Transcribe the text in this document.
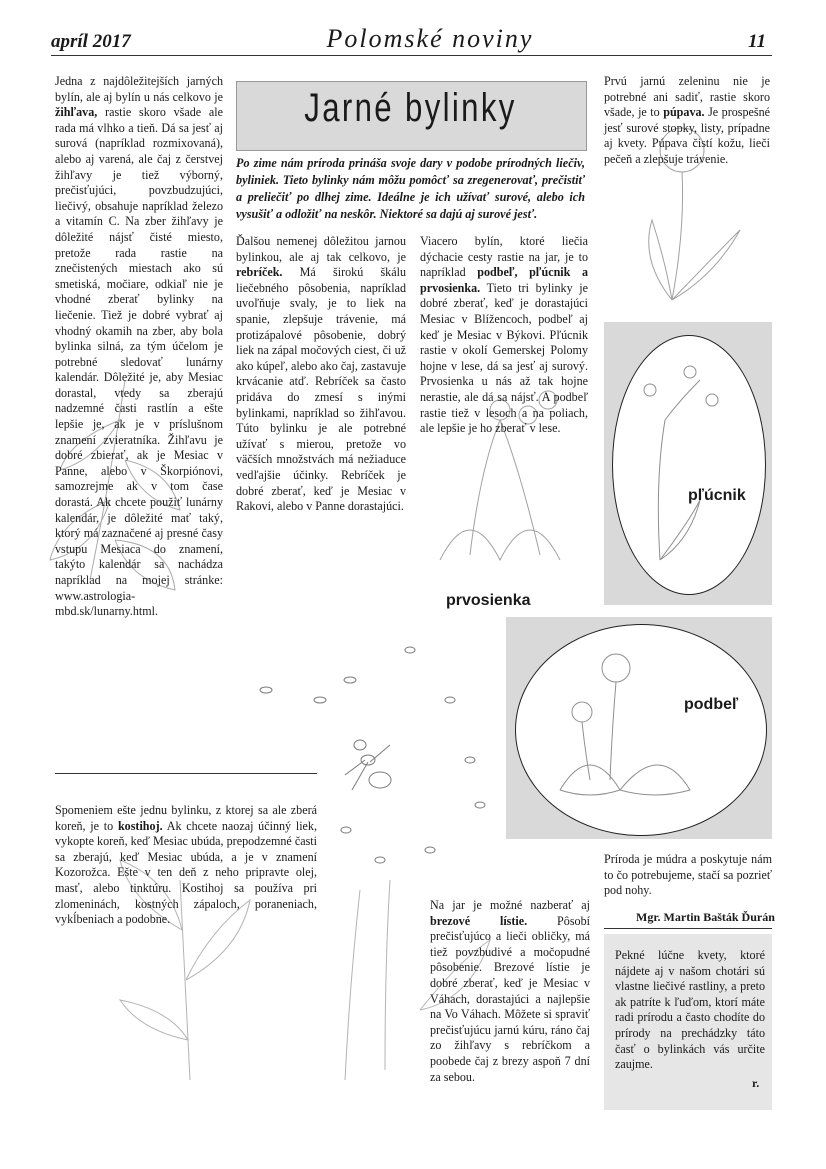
apríl 2017	Polomské noviny	11
Jedna z najdôležitejších jarných bylín, ale aj bylín u nás celkovo je žihľava, rastie skoro všade ale rada má vlhko a tieň. Dá sa jesť aj surová (napríklad rozmixovaná), alebo aj varená, ale čaj z čerstvej žihľavy je tiež výborný, prečisťujúci, povzbudzujúci, liečivý, obsahuje napríklad železo a vitamín C. Na zber žihľavy je dôležité nájsť čisté miesto, pretože rada rastie na znečistených miestach ako sú smetiská, močiare, odkiaľ nie je vhodné zberať bylinky na liečenie. Tiež je dobré vybrať aj vhodný okamih na zber, aby bola bylinka silná, za tým účelom je potrebné sledovať lunárny kalendár. Dôležité je, aby Mesiac dorastal, vtedy sa zberajú nadzemné časti rastlín a ešte lepšie je, ak je v príslušnom znamení zvieratníka. Žihľavu je dobré zbierať, ak je Mesiac v Panne, alebo v Škorpiónovi, samozrejme ak v tom čase dorastá. Ak chcete použiť lunárny kalendár, je dôležité mať taký, ktorý má zaznačené aj presné časy vstupu Mesiaca do znamení, takýto kalendár sa nachádza napríklad na mojej stránke: www.astrologia-mbd.sk/lunarny.html.
Jarné bylinky
Po zime nám príroda prináša svoje dary v podobe prírodných liečiv, byliniek. Tieto bylinky nám môžu pomôcť sa zregenerovať, prečistiť a preliečiť po dlhej zime. Ideálne je ich užívať surové, alebo ich vysušiť a odložiť na neskôr. Niektoré sa dajú aj surové jesť.
Ďalšou nemenej dôležitou jarnou bylinkou, ale aj tak celkovo, je rebríček. Má širokú škálu liečebného pôsobenia, napríklad uvoľňuje svaly, je to liek na spanie, zlepšuje trávenie, má protizápalové pôsobenie, dobrý liek na zápal močových ciest, či už ako kúpeľ, alebo ako čaj, zastavuje krvácanie atď. Rebríček sa často pridáva do zmesí s inými bylinkami, napríklad so žihľavou. Túto bylinku je ale potrebné užívať s mierou, pretože vo väčších množstvách má nežiaduce vedľajšie účinky. Rebríček je dobré zberať, keď je Mesiac v Rakovi, alebo v Panne dorastajúci.
Viacero bylín, ktoré liečia dýchacie cesty rastie na jar, je to napríklad podbeľ, pľúcnik a prvosienka. Tieto tri bylinky je dobré zberať, keď je dorastajúci Mesiac v Blížencoch, podbeľ aj keď je Mesiac v Býkovi. Pľúcnik rastie v okolí Gemerskej Polomy hojne v lese, dá sa jesť aj surový. Prvosienka u nás až tak hojne nerastie, ale dá sa nájsť. A podbeľ rastie tiež v lesoch a na poliach, ale lepšie je ho zberať v lese.
prvosienka
Prvú jarnú zeleninu nie je potrebné ani sadiť, rastie skoro všade, je to púpava. Je prospešné jesť surové stopky, listy, prípadne aj kvety. Púpava čistí kožu, lieči pečeň a zlepšuje trávenie.
pľúcnik
podbeľ
Príroda je múdra a poskytuje nám to čo potrebujeme, stačí sa pozrieť pod nohy.
Mgr. Martin Bašták Ďurán
Pekné lúčne kvety, ktoré nájdete aj v našom chotári sú vlastne liečivé rastliny, a preto ak patríte k ľuďom, ktorí máte radi prírodu a často chodíte do prírody na prechádzky táto časť o bylinkách vás určite zaujme.
r.
Spomeniem ešte jednu bylinku, z ktorej sa ale zberá koreň, je to kostihoj. Ak chcete naozaj účinný liek, vykopte koreň, keď Mesiac ubúda, prepodzemné časti sa zberajú, keď Mesiac ubúda, a je v znamení Kozorožca. Ešte v ten deň z neho pripravte olej, masť, alebo tinktúru. Kostihoj sa používa pri zlomeninách, kostných zápaloch, poraneniach, vykĺbeniach a podobne.
Na jar je možné nazberať aj brezové lístie. Pôsobí prečisťujúco a lieči obličky, má tiež povzbudivé a močopudné pôsobenie. Brezové lístie je dobré zberať, keď je Mesiac v Váhach, dorastajúci a najlepšie na Vo Váhach. Môžete si spraviť prečisťujúcu jarnú kúru, ráno čaj zo žihľavy s rebríčkom a poobede čaj z brezy aspoň 7 dní za sebou.
